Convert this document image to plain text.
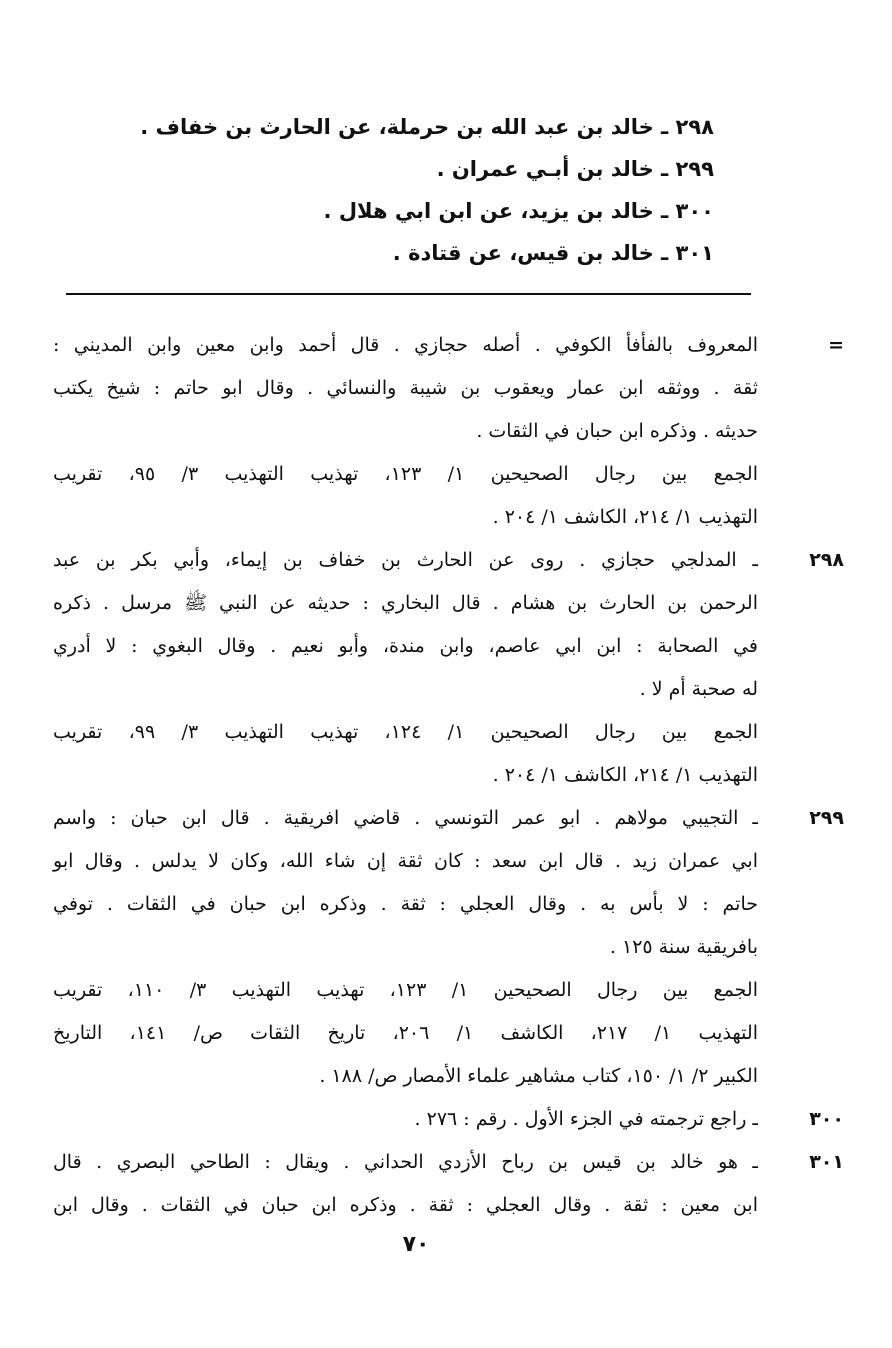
٢٩٨ ـ خالد بن عبد الله بن حرملة، عن الحارث بن خفاف .
٢٩٩ ـ خالد بن أبـي عمران .
٣٠٠ ـ خالد بن يزيد، عن ابن ابي هلال .
٣٠١ ـ خالد بن قيس، عن قتادة .
=
المعروف بالفأفأ الكوفي . أصله حجازي . قال أحمد وابن معين وابن المديني :
ثقة . ووثقه ابن عمار ويعقوب بن شيبة والنسائي . وقال ابو حاتم : شيخ يكتب
حديثه . وذكره ابن حبان في الثقات .
الجمع بين رجال الصحيحين ١/ ١٢٣، تهذيب التهذيب ٣/ ٩٥، تقريب
التهذيب ١/ ٢١٤، الكاشف ١/ ٢٠٤ .
٢٩٨
ـ المدلجي حجازي . روى عن الحارث بن خفاف بن إيماء، وأبي بكر بن عبد
الرحمن بن الحارث بن هشام . قال البخاري : حديثه عن النبي ﷺ مرسل . ذكره
في الصحابة : ابن ابي عاصم، وابن مندة، وأبو نعيم . وقال البغوي : لا أدري
له صحبة أم لا .
الجمع بين رجال الصحيحين ١/ ١٢٤، تهذيب التهذيب ٣/ ٩٩، تقريب
التهذيب ١/ ٢١٤، الكاشف ١/ ٢٠٤ .
٢٩٩
ـ التجيبي مولاهم . ابو عمر التونسي . قاضي افريقية . قال ابن حبان : واسم
ابي عمران زيد . قال ابن سعد : كان ثقة إن شاء الله، وكان لا يدلس . وقال ابو
حاتم : لا بأس به . وقال العجلي : ثقة . وذكره ابن حبان في الثقات . توفي
بافريقية سنة ١٢٥ .
الجمع بين رجال الصحيحين ١/ ١٢٣، تهذيب التهذيب ٣/ ١١٠، تقريب
التهذيب ١/ ٢١٧، الكاشف ١/ ٢٠٦، تاريخ الثقات ص/ ١٤١، التاريخ
الكبير ٢/ ١/ ١٥٠، كتاب مشاهير علماء الأمصار ص/ ١٨٨ .
٣٠٠
ـ راجع ترجمته في الجزء الأول . رقم : ٢٧٦ .
٣٠١
ـ هو خالد بن قيس بن رباح الأزدي الحداني . ويقال : الطاحي البصري . قال
ابن معين : ثقة . وقال العجلي : ثقة . وذكره ابن حبان في الثقات . وقال ابن
٧٠
